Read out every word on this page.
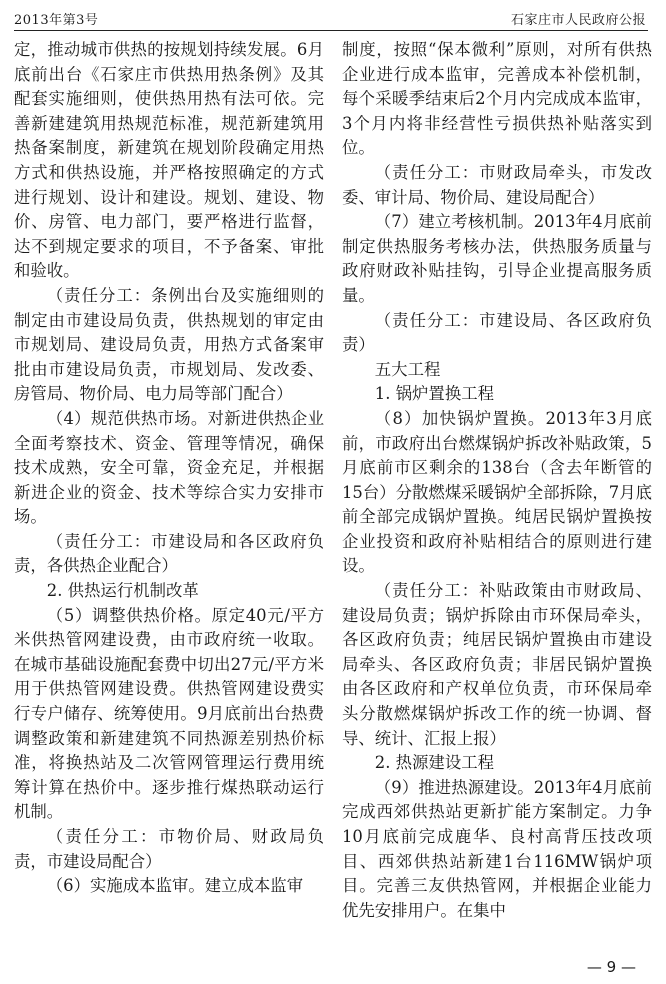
2013年第3号	石家庄市人民政府公报

定，推动城市供热的按规划持续发展。6月底前出台《石家庄市供热用热条例》及其配套实施细则，使供热用热有法可依。完善新建建筑用热规范标准，规范新建筑用热备案制度，新建筑在规划阶段确定用热方式和供热设施，并严格按照确定的方式进行规划、设计和建设。规划、建设、物价、房管、电力部门，要严格进行监督，达不到规定要求的项目，不予备案、审批和验收。

（责任分工：条例出台及实施细则的制定由市建设局负责，供热规划的审定由市规划局、建设局负责，用热方式备案审批由市建设局负责，市规划局、发改委、房管局、物价局、电力局等部门配合）

（4）规范供热市场。对新进供热企业全面考察技术、资金、管理等情况，确保技术成熟，安全可靠，资金充足，并根据新进企业的资金、技术等综合实力安排市场。

（责任分工：市建设局和各区政府负责，各供热企业配合）

2. 供热运行机制改革

（5）调整供热价格。原定40元/平方米供热管网建设费，由市政府统一收取。在城市基础设施配套费中切出27元/平方米用于供热管网建设费。供热管网建设费实行专户储存、统筹使用。9月底前出台热费调整政策和新建建筑不同热源差别热价标准，将换热站及二次管网管理运行费用统筹计算在热价中。逐步推行煤热联动运行机制。

（责任分工：市物价局、财政局负责，市建设局配合）

（6）实施成本监审。建立成本监审

制度，按照“保本微利”原则，对所有供热企业进行成本监审，完善成本补偿机制，每个采暖季结束后2个月内完成成本监审，3个月内将非经营性亏损供热补贴落实到位。

（责任分工：市财政局牵头，市发改委、审计局、物价局、建设局配合）

（7）建立考核机制。2013年4月底前制定供热服务考核办法，供热服务质量与政府财政补贴挂钩，引导企业提高服务质量。

（责任分工：市建设局、各区政府负责）

五大工程

1. 锅炉置换工程

（8）加快锅炉置换。2013年3月底前，市政府出台燃煤锅炉拆改补贴政策，5月底前市区剩余的138台（含去年断管的15台）分散燃煤采暖锅炉全部拆除，7月底前全部完成锅炉置换。纯居民锅炉置换按企业投资和政府补贴相结合的原则进行建设。

（责任分工：补贴政策由市财政局、建设局负责；锅炉拆除由市环保局牵头，各区政府负责；纯居民锅炉置换由市建设局牵头、各区政府负责；非居民锅炉置换由各区政府和产权单位负责，市环保局牵头分散燃煤锅炉拆改工作的统一协调、督导、统计、汇报上报）

2. 热源建设工程

（9）推进热源建设。2013年4月底前完成西郊供热站更新扩能方案制定。力争10月底前完成鹿华、良村高背压技改项目、西郊供热站新建1台116MW锅炉项目。完善三友供热管网，并根据企业能力优先安排用户。在集中

— 9 —
